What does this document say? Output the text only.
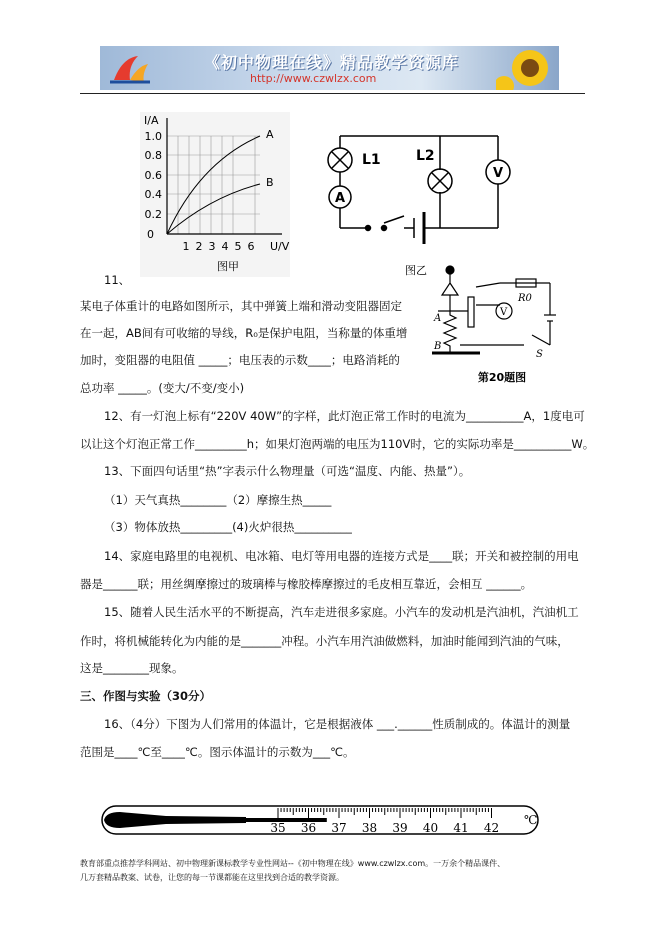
《初中物理在线》精品教学资源库
http://www.czwlzx.com
I/A
1.0
0.8
0.6
0.4
0.2
0
1 2 3 4 5 6 U/V
A
B
图甲
L1	L2
A
V
图乙
A
B
R0
V
S
第20题图
11、
某电子体重计的电路如图所示，其中弹簧上端和滑动变阻器固定
在一起，AB间有可收缩的导线，R₀是保护电阻，当称量的体重增
加时，变阻器的电阻值 _____；电压表的示数____；电路消耗的
总功率 _____。(变大/不变/变小)
12、有一灯泡上标有“220V 40W”的字样，此灯泡正常工作时的电流为__________A，1度电可
以让这个灯泡正常工作_________h；如果灯泡两端的电压为110V时，它的实际功率是__________W。
13、下面四句话里“热”字表示什么物理量（可选“温度、内能、热量”）。
（1）天气真热________（2）摩擦生热_____
（3）物体放热_________(4)火炉很热__________
14、家庭电路里的电视机、电冰箱、电灯等用电器的连接方式是____联；开关和被控制的用电
器是______联；用丝绸摩擦过的玻璃棒与橡胶棒摩擦过的毛皮相互靠近，会相互 ______。
15、随着人民生活水平的不断提高，汽车走进很多家庭。小汽车的发动机是汽油机，汽油机工
作时，将机械能转化为内能的是_______冲程。小汽车用汽油做燃料，加油时能闻到汽油的气味，
这是________现象。
三、作图与实验（30分）
16、（4分）下图为人们常用的体温计，它是根据液体 ___.______性质制成的。体温计的测量
范围是____℃至____℃。图示体温计的示数为___℃。
35 36 37 38 39 40 41 42
℃
教育部重点推荐学科网站、初中物理新课标教学专业性网站--《初中物理在线》www.czwlzx.com。一万余个精品课件、
几万套精品教案、试卷，让您的每一节课都能在这里找到合适的教学资源。
